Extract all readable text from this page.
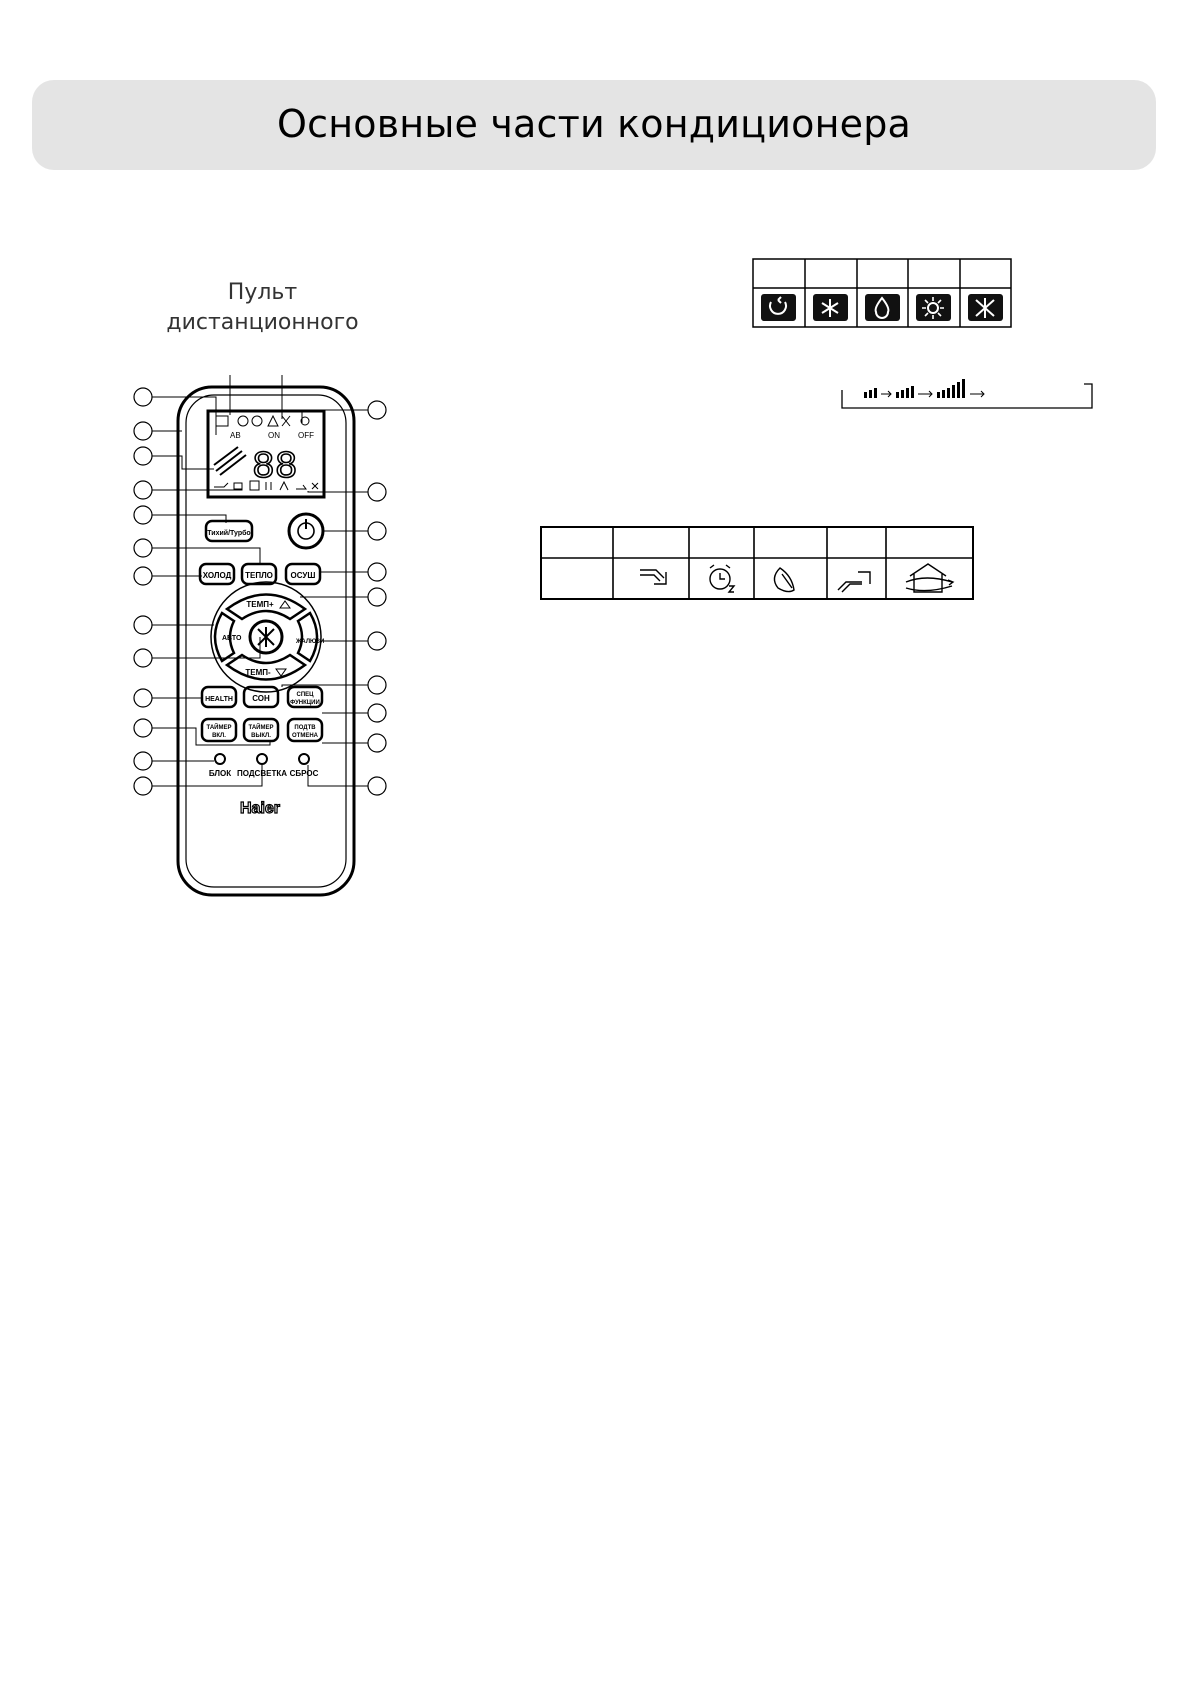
Основные части кондиционера
Пульт
дистанционного
AB	ON OFF
88
Тихий/Турбо
ХОЛОД ТЕПЛО ОСУШ
ТЕМП+
ТЕМП-
АВТО	ЖАЛЮЗИ
HEALTH СОН	СПЕЦ
ФУНКЦИИ
ТАЙМЕР
ВКЛ.
ТАЙМЕР
ВЫКЛ.
ПОДТВ
ОТМЕНА
БЛОК ПОДСВЕТКА СБРОС
Haier
